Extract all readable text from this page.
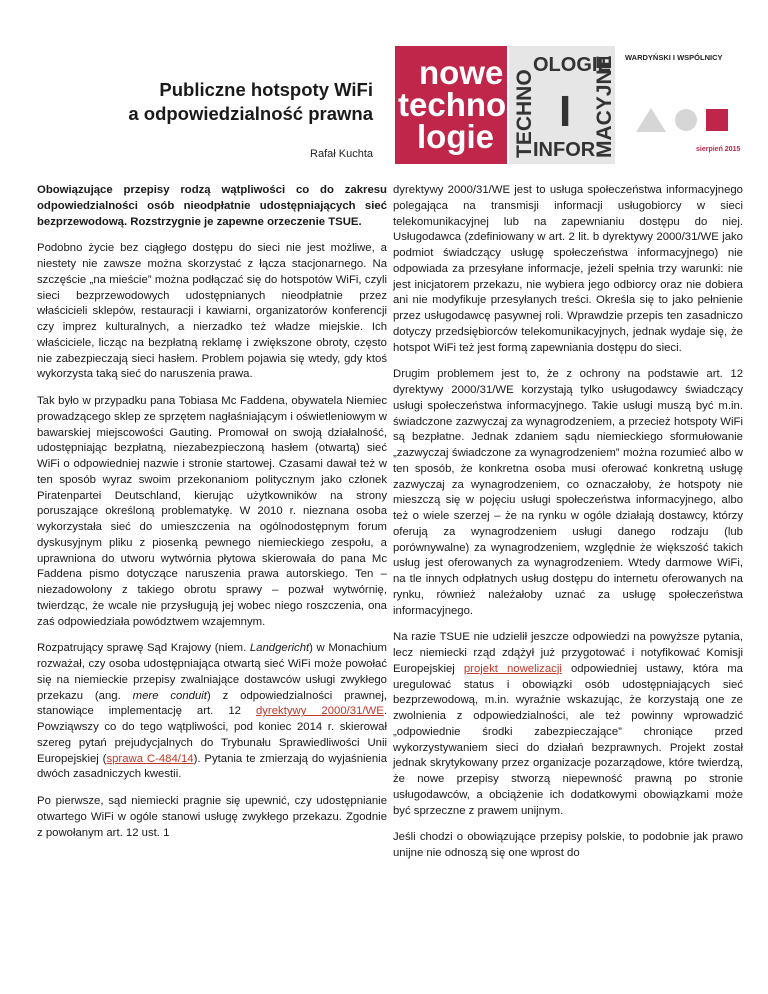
Publiczne hotspoty WiFi
a odpowiedzialność prawna
Rafał Kuchta
nowe
techno
logie TECHNO
OLOGIE
I
INFOR
MACYJNE WARDYŃSKI I WSPÓLNICY
sierpień 2015

Obowiązujące przepisy rodzą wątpliwości co do zakresu odpowiedzialności osób nieodpłatnie udostępniających sieć bezprzewodową. Rozstrzygnie je zapewne orzeczenie TSUE.

Podobno życie bez ciągłego dostępu do sieci nie jest możliwe, a niestety nie zawsze można skorzystać z łącza stacjonarnego. Na szczęście „na mieście” można podłączać się do hotspotów WiFi, czyli sieci bezprzewodowych udostępnianych nieodpłatnie przez właścicieli sklepów, restauracji i kawiarni, organizatorów konferencji czy imprez kulturalnych, a nierzadko też władze miejskie. Ich właściciele, licząc na bezpłatną reklamę i zwiększone obroty, często nie zabezpieczają sieci hasłem. Problem pojawia się wtedy, gdy ktoś wykorzysta taką sieć do naruszenia prawa.

Tak było w przypadku pana Tobiasa Mc Faddena, obywatela Niemiec prowadzącego sklep ze sprzętem nagłaśniającym i oświetleniowym w bawarskiej miejscowości Gauting. Promował on swoją działalność, udostępniając bezpłatną, niezabezpieczoną hasłem (otwartą) sieć WiFi o odpowiedniej nazwie i stronie startowej. Czasami dawał też w ten sposób wyraz swoim przekonaniom politycznym jako członek Piratenpartei Deutschland, kierując użytkowników na strony poruszające określoną problematykę. W 2010 r. nieznana osoba wykorzystała sieć do umieszczenia na ogólnodostępnym forum dyskusyjnym pliku z piosenką pewnego niemieckiego zespołu, a uprawniona do utworu wytwórnia płytowa skierowała do pana Mc Faddena pismo dotyczące naruszenia prawa autorskiego. Ten – niezadowolony z takiego obrotu sprawy – pozwał wytwórnię, twierdząc, że wcale nie przysługują jej wobec niego roszczenia, ona zaś odpowiedziała powództwem wzajemnym.

Rozpatrujący sprawę Sąd Krajowy (niem. Landgericht) w Monachium rozważał, czy osoba udostępniająca otwartą sieć WiFi może powołać się na niemieckie przepisy zwalniające dostawców usługi zwykłego przekazu (ang. mere conduit) z odpowiedzialności prawnej, stanowiące implementację art. 12 dyrektywy 2000/31/WE. Powziąwszy co do tego wątpliwości, pod koniec 2014 r. skierował szereg pytań prejudycjalnych do Trybunału Sprawiedliwości Unii Europejskiej (sprawa C-484/14). Pytania te zmierzają do wyjaśnienia dwóch zasadniczych kwestii.

Po pierwsze, sąd niemiecki pragnie się upewnić, czy udostępnianie otwartego WiFi w ogóle stanowi usługę zwykłego przekazu. Zgodnie z powołanym art. 12 ust. 1

dyrektywy 2000/31/WE jest to usługa społeczeństwa informacyjnego polegająca na transmisji informacji usługobiorcy w sieci telekomunikacyjnej lub na zapewnianiu dostępu do niej. Usługodawca (zdefiniowany w art. 2 lit. b dyrektywy 2000/31/WE jako podmiot świadczący usługę społeczeństwa informacyjnego) nie odpowiada za przesyłane informacje, jeżeli spełnia trzy warunki: nie jest inicjatorem przekazu, nie wybiera jego odbiorcy oraz nie dobiera ani nie modyfikuje przesyłanych treści. Określa się to jako pełnienie przez usługodawcę pasywnej roli. Wprawdzie przepis ten zasadniczo dotyczy przedsiębiorców telekomunikacyjnych, jednak wydaje się, że hotspot WiFi też jest formą zapewniania dostępu do sieci.

Drugim problemem jest to, że z ochrony na podstawie art. 12 dyrektywy 2000/31/WE korzystają tylko usługodawcy świadczący usługi społeczeństwa informacyjnego. Takie usługi muszą być m.in. świadczone zazwyczaj za wynagrodzeniem, a przecież hotspoty WiFi są bezpłatne. Jednak zdaniem sądu niemieckiego sformułowanie „zazwyczaj świadczone za wynagrodzeniem” można rozumieć albo w ten sposób, że konkretna osoba musi oferować konkretną usługę zazwyczaj za wynagrodzeniem, co oznaczałoby, że hotspoty nie mieszczą się w pojęciu usługi społeczeństwa informacyjnego, albo też o wiele szerzej – że na rynku w ogóle działają dostawcy, którzy oferują za wynagrodzeniem usługi danego rodzaju (lub porównywalne) za wynagrodzeniem, względnie że większość takich usług jest oferowanych za wynagrodzeniem. Wtedy darmowe WiFi, na tle innych odpłatnych usług dostępu do internetu oferowanych na rynku, również należałoby uznać za usługę społeczeństwa informacyjnego.

Na razie TSUE nie udzielił jeszcze odpowiedzi na powyższe pytania, lecz niemiecki rząd zdążył już przygotować i notyfikować Komisji Europejskiej projekt nowelizacji odpowiedniej ustawy, która ma uregulować status i obowiązki osób udostępniających sieć bezprzewodową, m.in. wyraźnie wskazując, że korzystają one ze zwolnienia z odpowiedzialności, ale też powinny wprowadzić „odpowiednie środki zabezpieczające” chroniące przed wykorzystywaniem sieci do działań bezprawnych. Projekt został jednak skrytykowany przez organizacje pozarządowe, które twierdzą, że nowe przepisy stworzą niepewność prawną po stronie usługodawców, a obciążenie ich dodatkowymi obowiązkami może być sprzeczne z prawem unijnym.

Jeśli chodzi o obowiązujące przepisy polskie, to podobnie jak prawo unijne nie odnoszą się one wprost do
